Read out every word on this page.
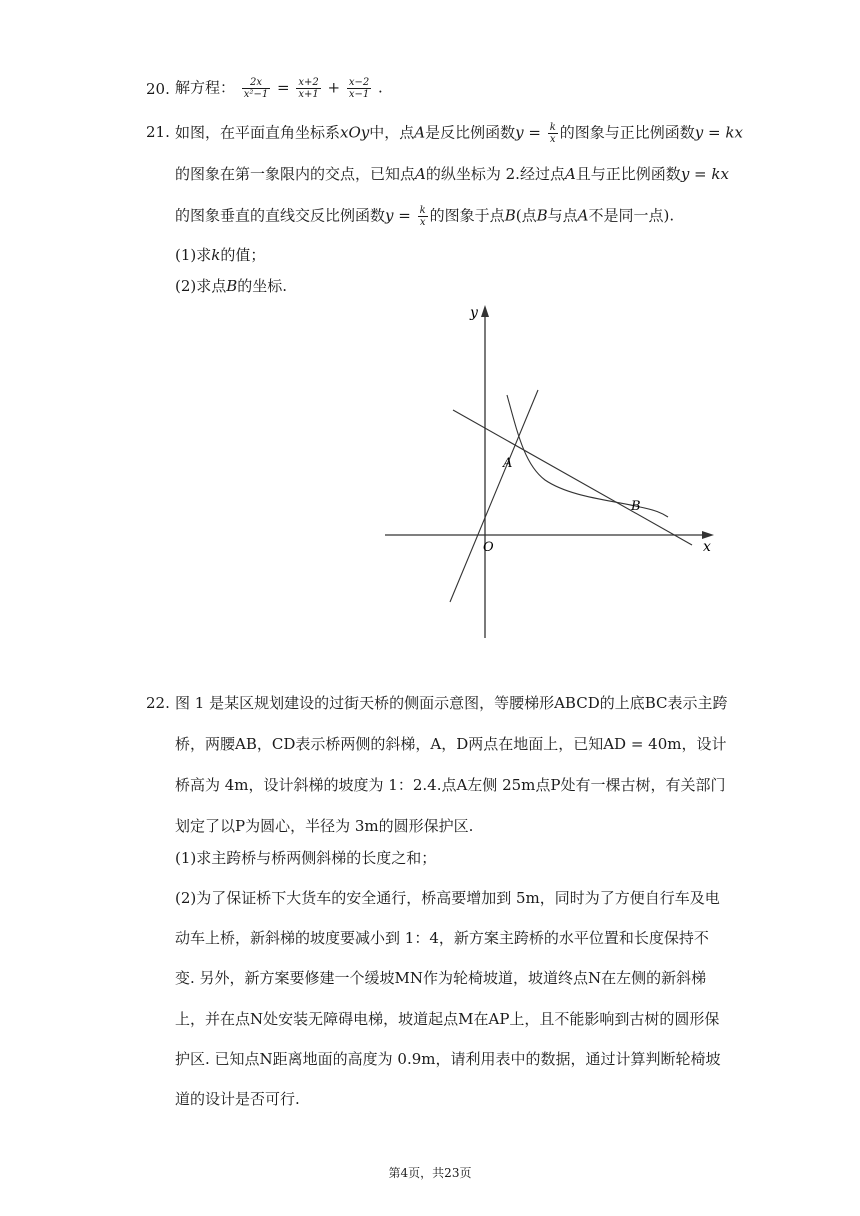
20. 解方程： $\frac{2x}{\text{x²−1}} = \frac{x+2}{x+1} + \frac{x-2}{x-1}$ .
21. 如图，在平面直角坐标系xOy中，点A是反比例函数$y = \frac{k}{x}$ 的图象与正比例函数y = kx
的图象在第一象限内的交点，已知点A的纵坐标为 2.经过点A且与正比例函数y = kx
的图象垂直的直线交反比例函数$y = \frac{k}{x}$ 的图象于点B(点B与点A不是同一点).
(1)求k的值；
(2)求点B的坐标.
y
x
O
A
B
22. 图 1 是某区规划建设的过街天桥的侧面示意图，等腰梯形ABCD的上底BC表示主跨
桥，两腰AB，CD表示桥两侧的斜梯，A，D两点在地面上，已知AD = 40m，设计
桥高为 4m，设计斜梯的坡度为 1：2.4.点A左侧 25m点P处有一棵古树，有关部门
划定了以P为圆心，半径为 3m的圆形保护区.
(1)求主跨桥与桥两侧斜梯的长度之和；
(2)为了保证桥下大货车的安全通行，桥高要增加到 5m，同时为了方便自行车及电
动车上桥，新斜梯的坡度要减小到 1：4，新方案主跨桥的水平位置和长度保持不
变. 另外，新方案要修建一个缓坡MN作为轮椅坡道，坡道终点N在左侧的新斜梯
上，并在点N处安装无障碍电梯，坡道起点M在AP上，且不能影响到古树的圆形保
护区. 已知点N距离地面的高度为 0.9m，请利用表中的数据，通过计算判断轮椅坡
道的设计是否可行.
第4页，共23页
